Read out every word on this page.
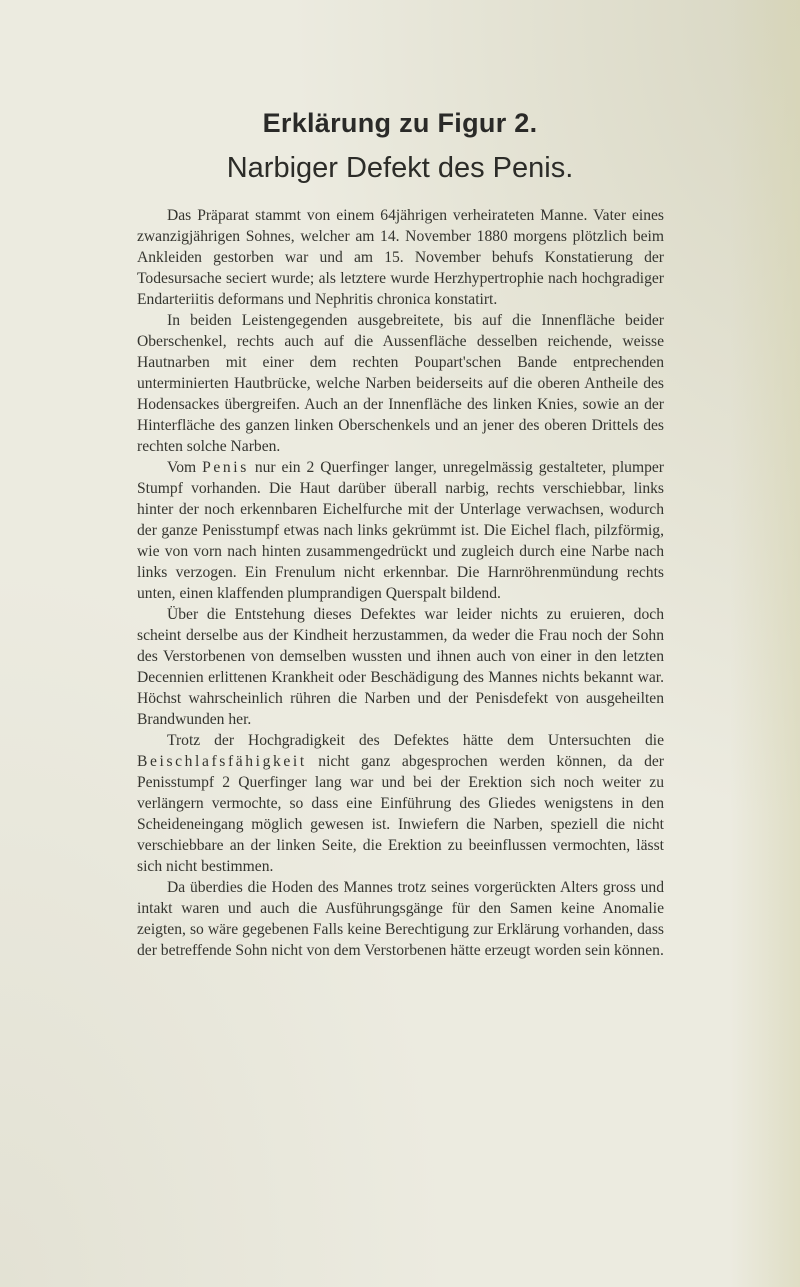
Erklärung zu Figur 2.
Narbiger Defekt des Penis.

Das Präparat stammt von einem 64jährigen verheirateten Manne. Vater eines zwanzigjährigen Sohnes, welcher am 14. November 1880 morgens plötzlich beim Ankleiden gestorben war und am 15. November behufs Konstatierung der Todesursache seciert wurde; als letztere wurde Herzhypertrophie nach hochgradiger Endarteriitis deformans und Nephritis chronica konstatirt.

In beiden Leistengegenden ausgebreitete, bis auf die Innenfläche beider Oberschenkel, rechts auch auf die Aussenfläche desselben reichende, weisse Hautnarben mit einer dem rechten Poupart'schen Bande entprechenden unterminierten Hautbrücke, welche Narben beiderseits auf die oberen Antheile des Hodensackes übergreifen. Auch an der Innenfläche des linken Knies, sowie an der Hinterfläche des ganzen linken Oberschenkels und an jener des oberen Drittels des rechten solche Narben.

Vom Penis nur ein 2 Querfinger langer, unregelmässig gestalteter, plumper Stumpf vorhanden. Die Haut darüber überall narbig, rechts verschiebbar, links hinter der noch erkennbaren Eichelfurche mit der Unterlage verwachsen, wodurch der ganze Penisstumpf etwas nach links gekrümmt ist. Die Eichel flach, pilzförmig, wie von vorn nach hinten zusammengedrückt und zugleich durch eine Narbe nach links verzogen. Ein Frenulum nicht erkennbar. Die Harnröhrenmündung rechts unten, einen klaffenden plumprandigen Querspalt bildend.

Über die Entstehung dieses Defektes war leider nichts zu eruieren, doch scheint derselbe aus der Kindheit herzustammen, da weder die Frau noch der Sohn des Verstorbenen von demselben wussten und ihnen auch von einer in den letzten Decennien erlittenen Krankheit oder Beschädigung des Mannes nichts bekannt war. Höchst wahrscheinlich rühren die Narben und der Penisdefekt von ausgeheilten Brandwunden her.

Trotz der Hochgradigkeit des Defektes hätte dem Untersuchten die Beischlafsfähigkeit nicht ganz abgesprochen werden können, da der Penisstumpf 2 Querfinger lang war und bei der Erektion sich noch weiter zu verlängern vermochte, so dass eine Einführung des Gliedes wenigstens in den Scheideneingang möglich gewesen ist. Inwiefern die Narben, speziell die nicht verschiebbare an der linken Seite, die Erektion zu beeinflussen vermochten, lässt sich nicht bestimmen.

Da überdies die Hoden des Mannes trotz seines vorgerückten Alters gross und intakt waren und auch die Ausführungsgänge für den Samen keine Anomalie zeigten, so wäre gegebenen Falls keine Berechtigung zur Erklärung vorhanden, dass der betreffende Sohn nicht von dem Verstorbenen hätte erzeugt worden sein können.
